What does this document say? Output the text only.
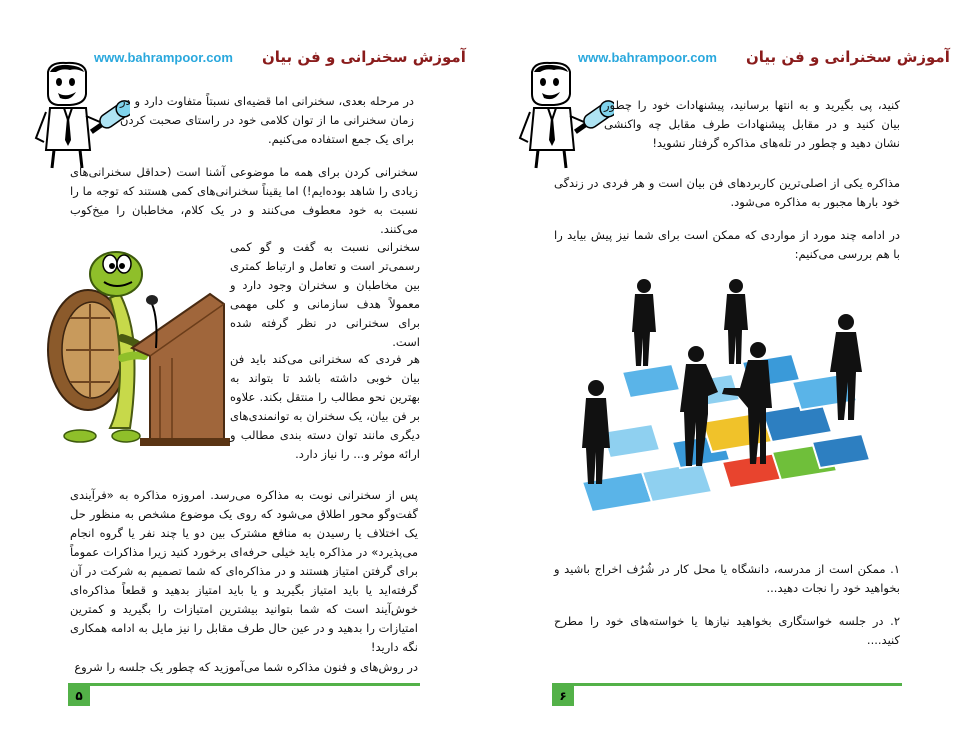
www.bahrampoor.com آموزش سخنرانی و فن بیان

در مرحله بعدی، سخنرانی اما قضیه‌ای نسبتاً متفاوت دارد و در زمان سخنرانی ما از توان کلامی خود در راستای صحبت کردن برای یک جمع استفاده می‌کنیم.

سخنرانی کردن برای همه ما موضوعی آشنا است (حداقل سخنرانی‌های زیادی را شاهد بوده‌ایم!) اما یقیناً سخنرانی‌های کمی هستند که توجه ما را نسبت به خود معطوف می‌کنند و در یک کلام، مخاطبان را میخ‌کوب می‌کنند.

سخنرانی نسبت به گفت و گو کمی رسمی‌تر است و تعامل و ارتباط کمتری بین مخاطبان و سخنران وجود دارد و معمولاً هدف سازمانی و کلی مهمی برای سخنرانی در نظر گرفته شده است.

هر فردی که سخنرانی می‌کند باید فن بیان خوبی داشته باشد تا بتواند به بهترین نحو مطالب را منتقل بکند. علاوه بر فن بیان، یک سخنران به توانمندی‌های دیگری مانند توان دسته بندی مطالب و ارائه موثر و... را نیاز دارد.

پس از سخنرانی نوبت به مذاکره می‌رسد. امروزه مذاکره به «فرآیندی گفت‌وگو محور اطلاق می‌شود که روی یک موضوع مشخص به منظور حل یک اختلاف یا رسیدن به منافع مشترک بین دو یا چند نفر یا گروه انجام می‌پذیرد» در مذاکره باید خیلی حرفه‌ای برخورد کنید زیرا مذاکرات عموماً برای گرفتن امتیاز هستند و در مذاکره‌ای که شما تصمیم به شرکت در آن گرفته‌اید یا باید امتیاز بگیرید و یا باید امتیاز بدهید و قطعاً مذاکره‌ای خوش‌آیند است که شما بتوانید بیشترین امتیازات را بگیرید و کمترین امتیازات را بدهید و در عین حال طرف مقابل را نیز مایل به ادامه همکاری نگه دارید!

در روش‌های و فنون مذاکره شما می‌آموزید که چطور یک جلسه را شروع

۵
www.bahrampoor.com آموزش سخنرانی و فن بیان

کنید، پی بگیرید و به انتها برسانید، پیشنهادات خود را چطور بیان کنید و در مقابل پیشنهادات طرف مقابل چه واکنشی نشان دهید و چطور در تله‌های مذاکره گرفتار نشوید!

مذاکره یکی از اصلی‌ترین کاربردهای فن بیان است و هر فردی در زندگی خود بارها مجبور به مذاکره می‌شود.

در ادامه چند مورد از مواردی که ممکن است برای شما نیز پیش بیاید را با هم بررسی می‌کنیم:

۱. ممکن است از مدرسه، دانشگاه یا محل کار در شُرُف اخراج باشید و بخواهید خود را نجات دهید...
۲. در جلسه خواستگاری بخواهید نیازها یا خواسته‌های خود را مطرح کنید....
۶
